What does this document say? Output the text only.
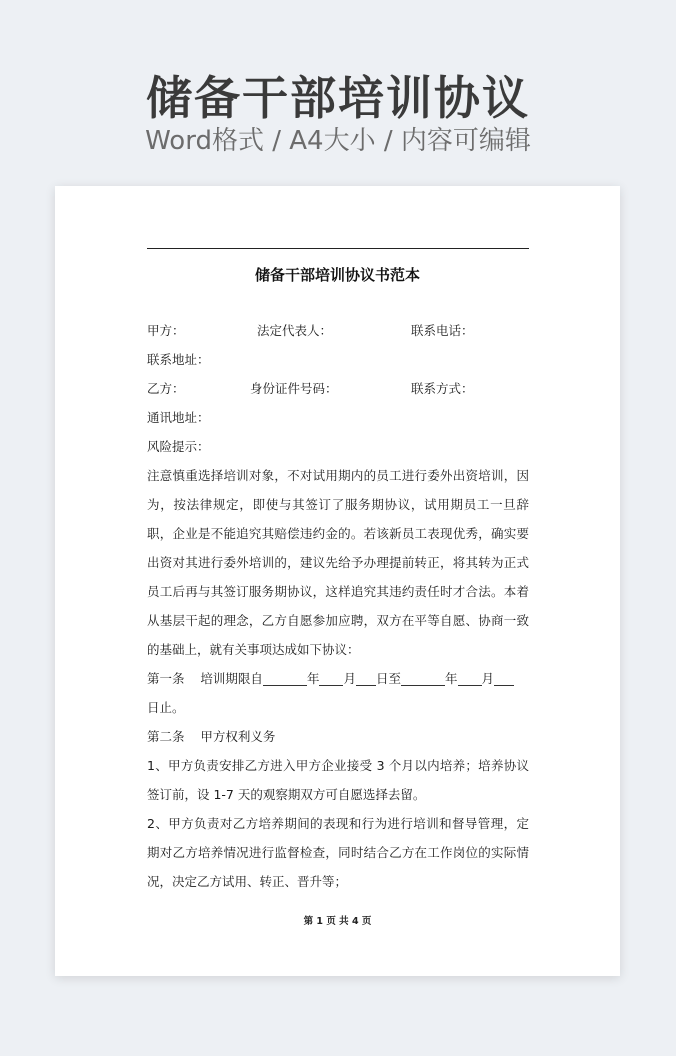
储备干部培训协议
Word格式 / A4大小 / 内容可编辑
储备干部培训协议书范本
甲方：	法定代表人：	联系电话：
联系地址：
乙方：	身份证件号码：	联系方式：
通讯地址：
风险提示：
注意慎重选择培训对象，不对试用期内的员工进行委外出资培训，因为，按法律规定，即使与其签订了服务期协议，试用期员工一旦辞职，企业是不能追究其赔偿违约金的。若该新员工表现优秀，确实要出资对其进行委外培训的，建议先给予办理提前转正，将其转为正式员工后再与其签订服务期协议，这样追究其违约责任时才合法。本着从基层干起的理念，乙方自愿参加应聘，双方在平等自愿、协商一致的基础上，就有关事项达成如下协议：
第一条 培训期限自	年 月 日至	年 月
日止。
第二条 甲方权利义务
1、甲方负责安排乙方进入甲方企业接受 3 个月以内培养；培养协议签订前，设 1-7 天的观察期双方可自愿选择去留。
2、甲方负责对乙方培养期间的表现和行为进行培训和督导管理，定期对乙方培养情况进行监督检查，同时结合乙方在工作岗位的实际情况，决定乙方试用、转正、晋升等；
第 1 页 共 4 页
